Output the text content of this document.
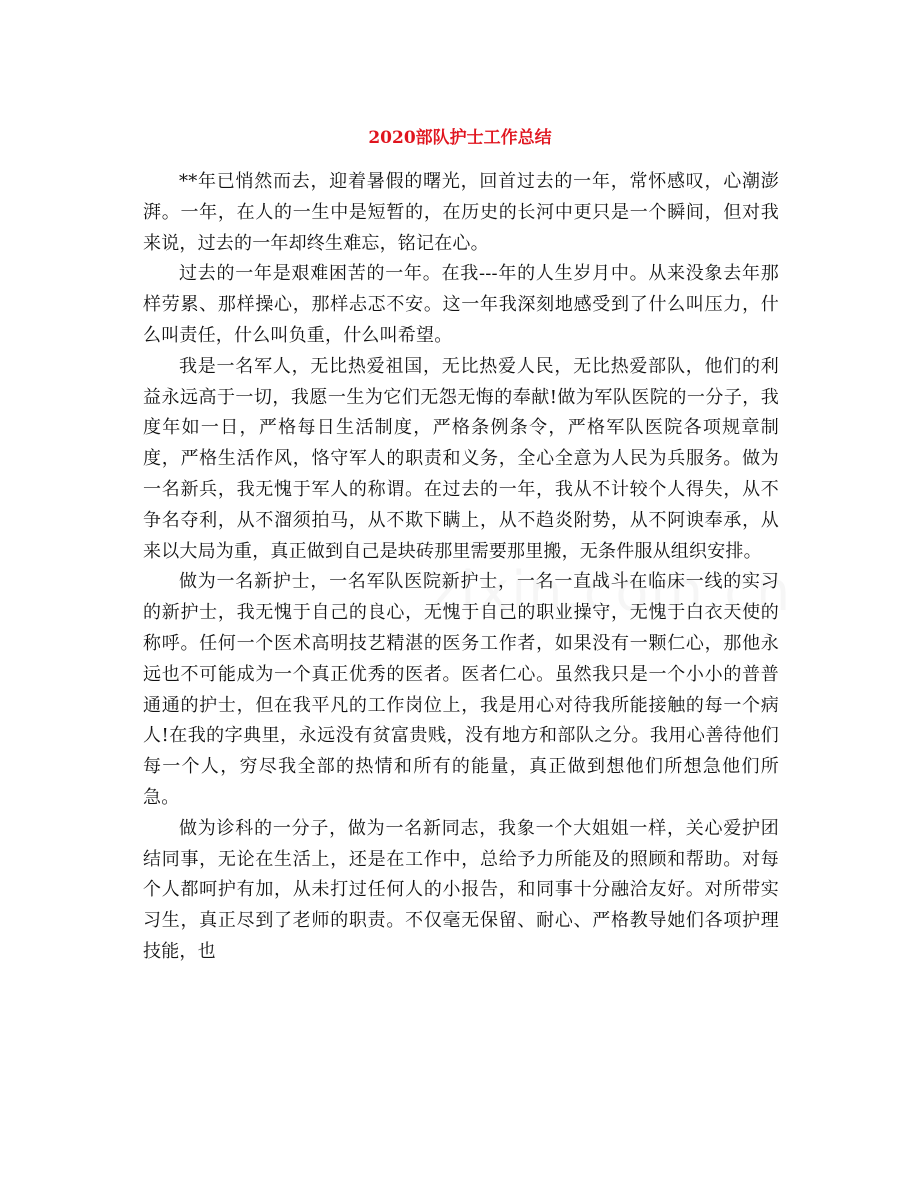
2020部队护士工作总结

**年已悄然而去，迎着暑假的曙光，回首过去的一年，常怀感叹，心潮澎湃。一年，在人的一生中是短暂的，在历史的长河中更只是一个瞬间，但对我来说，过去的一年却终生难忘，铭记在心。

过去的一年是艰难困苦的一年。在我---年的人生岁月中。从来没象去年那样劳累、那样操心，那样忐忑不安。这一年我深刻地感受到了什么叫压力，什么叫责任，什么叫负重，什么叫希望。

我是一名军人，无比热爱祖国，无比热爱人民，无比热爱部队，他们的利益永远高于一切，我愿一生为它们无怨无悔的奉献!做为军队医院的一分子，我度年如一日，严格每日生活制度，严格条例条令，严格军队医院各项规章制度，严格生活作风，恪守军人的职责和义务，全心全意为人民为兵服务。做为一名新兵，我无愧于军人的称谓。在过去的一年，我从不计较个人得失，从不争名夺利，从不溜须拍马，从不欺下瞒上，从不趋炎附势，从不阿谀奉承，从来以大局为重，真正做到自己是块砖那里需要那里搬，无条件服从组织安排。

做为一名新护士，一名军队医院新护士，一名一直战斗在临床一线的实习的新护士，我无愧于自己的良心，无愧于自己的职业操守，无愧于白衣天使的称呼。任何一个医术高明技艺精湛的医务工作者，如果没有一颗仁心，那他永远也不可能成为一个真正优秀的医者。医者仁心。虽然我只是一个小小的普普通通的护士，但在我平凡的工作岗位上，我是用心对待我所能接触的每一个病人!在我的字典里，永远没有贫富贵贱，没有地方和部队之分。我用心善待他们每一个人，穷尽我全部的热情和所有的能量，真正做到想他们所想急他们所急。

做为诊科的一分子，做为一名新同志，我象一个大姐姐一样，关心爱护团结同事，无论在生活上，还是在工作中，总给予力所能及的照顾和帮助。对每个人都呵护有加，从未打过任何人的小报告，和同事十分融洽友好。对所带实习生，真正尽到了老师的职责。不仅毫无保留、耐心、严格教导她们各项护理技能，也
